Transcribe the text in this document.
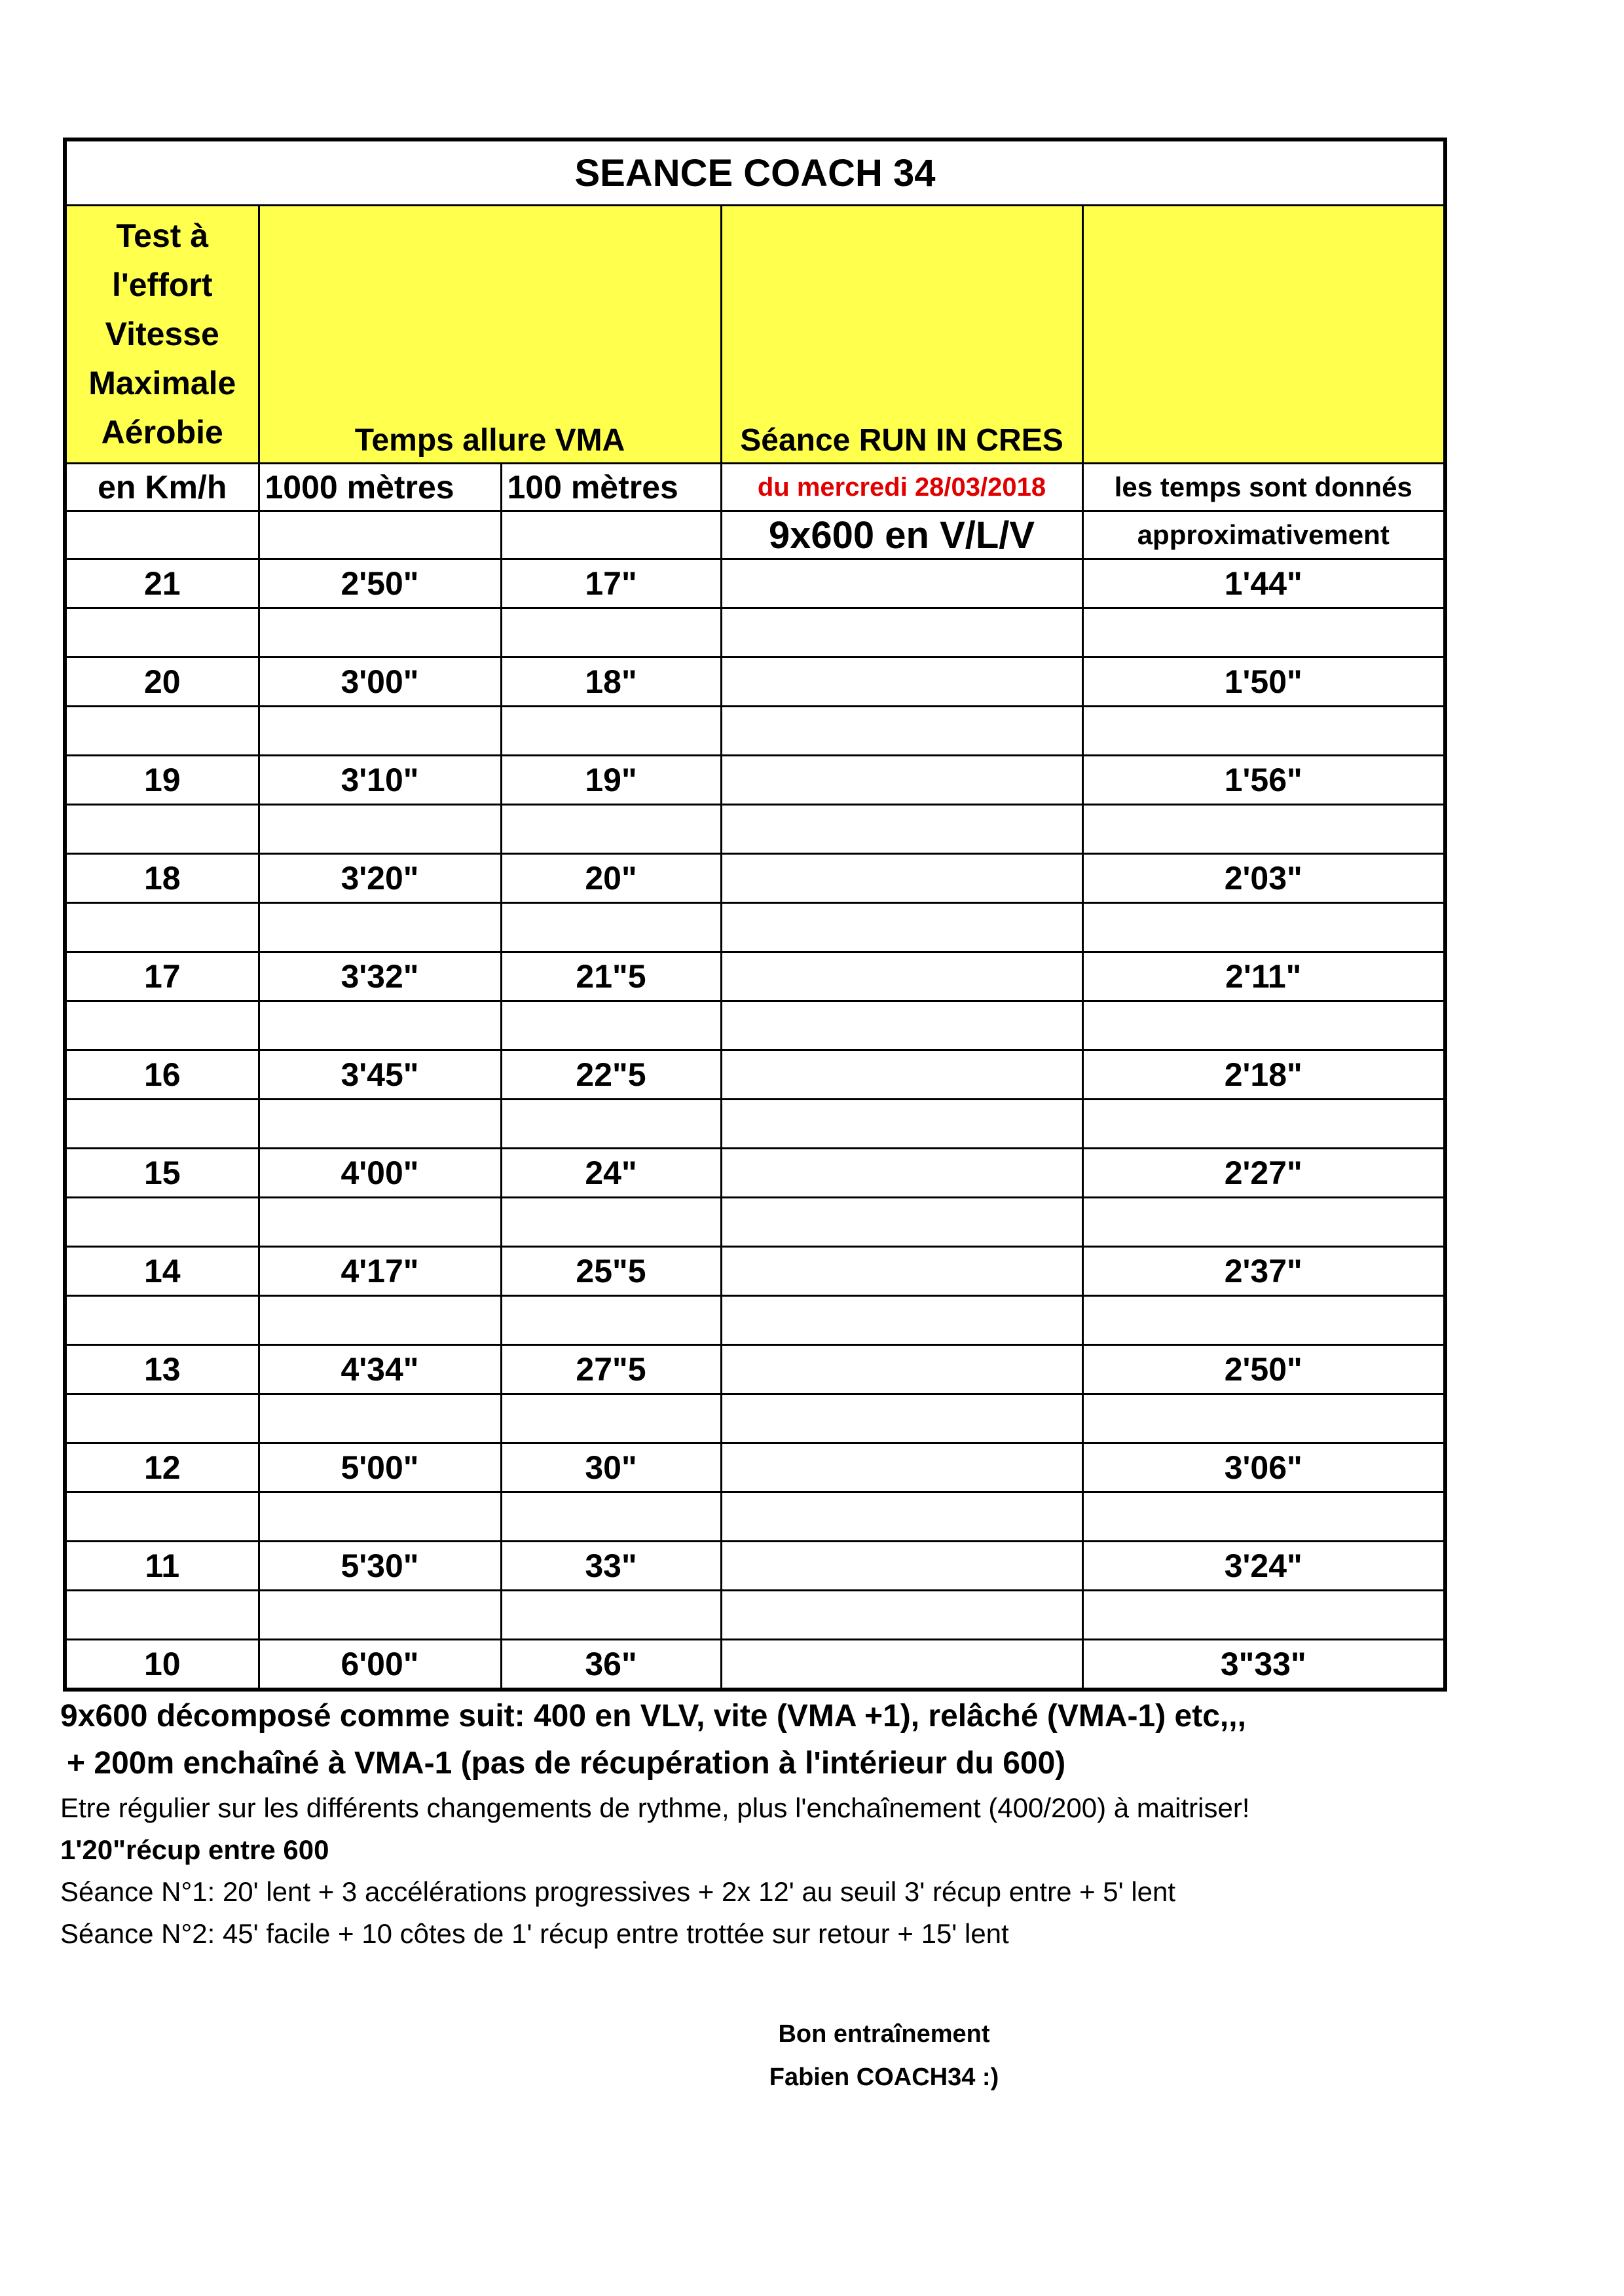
SEANCE COACH 34				

Test à
l'effort
Vitesse
Maximale
Aérobie	Temps allure VMA		Séance RUN IN CRES	
en Km/h	1000 mètres	100 mètres	du mercredi 28/03/2018	les temps sont donnés
			9x600 en V/L/V	approximativement
21	2'50"	17"		1'44"

20	3'00"	18"		1'50"

19	3'10"	19"		1'56"

18	3'20"	20"		2'03"

17	3'32"	21"5		2'11"

16	3'45"	22"5		2'18"

15	4'00"	24"		2'27"

14	4'17"	25"5		2'37"

13	4'34"	27"5		2'50"

12	5'00"	30"		3'06"

11	5'30"	33"		3'24"

10	6'00"	36"		3"33"
9x600 décomposé comme suit: 400 en VLV, vite (VMA +1), relâché (VMA-1) etc,,,
+ 200m enchaîné à VMA-1 (pas de récupération à l'intérieur du 600)
Etre régulier sur les différents changements de rythme, plus l'enchaînement (400/200) à maitriser!
1'20"récup entre 600
Séance N°1: 20' lent + 3 accélérations progressives + 2x 12' au seuil 3' récup entre + 5' lent
Séance N°2: 45' facile + 10 côtes de 1' récup entre trottée sur retour + 15' lent
Bon entraînement
Fabien COACH34 :)
